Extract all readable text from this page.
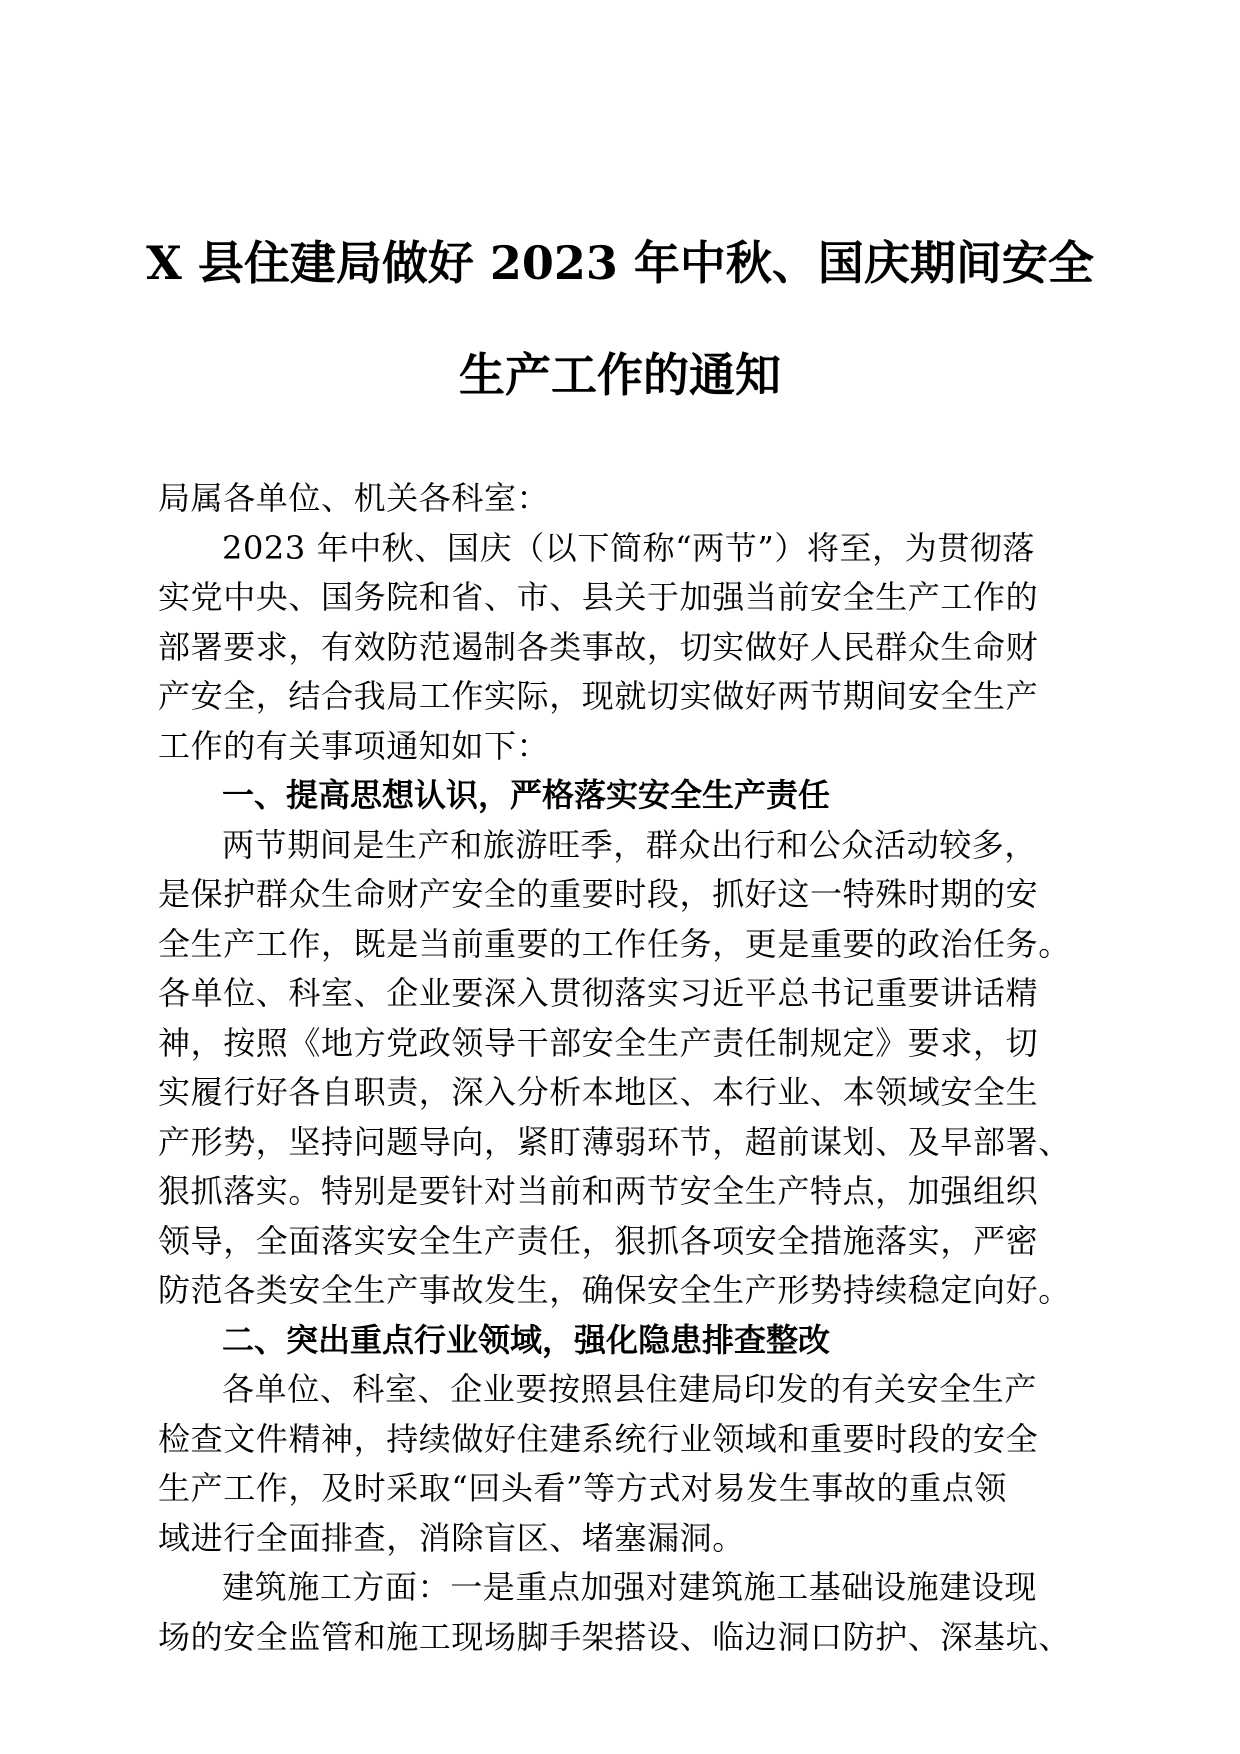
X 县住建局做好 2023 年中秋、国庆期间安全
生产工作的通知
局属各单位、机关各科室：
2023 年中秋、国庆（以下简称“两节”）将至，为贯彻落
实党中央、国务院和省、市、县关于加强当前安全生产工作的
部署要求，有效防范遏制各类事故，切实做好人民群众生命财
产安全，结合我局工作实际，现就切实做好两节期间安全生产
工作的有关事项通知如下：
一、提高思想认识，严格落实安全生产责任
两节期间是生产和旅游旺季，群众出行和公众活动较多，
是保护群众生命财产安全的重要时段，抓好这一特殊时期的安
全生产工作，既是当前重要的工作任务，更是重要的政治任务。
各单位、科室、企业要深入贯彻落实习近平总书记重要讲话精
神，按照《地方党政领导干部安全生产责任制规定》要求，切
实履行好各自职责，深入分析本地区、本行业、本领域安全生
产形势，坚持问题导向，紧盯薄弱环节，超前谋划、及早部署、
狠抓落实。特别是要针对当前和两节安全生产特点，加强组织
领导，全面落实安全生产责任，狠抓各项安全措施落实，严密
防范各类安全生产事故发生，确保安全生产形势持续稳定向好。
二、突出重点行业领域，强化隐患排查整改
各单位、科室、企业要按照县住建局印发的有关安全生产
检查文件精神，持续做好住建系统行业领域和重要时段的安全
生产工作，及时采取“回头看”等方式对易发生事故的重点领
域进行全面排查，消除盲区、堵塞漏洞。
建筑施工方面：一是重点加强对建筑施工基础设施建设现
场的安全监管和施工现场脚手架搭设、临边洞口防护、深基坑、
